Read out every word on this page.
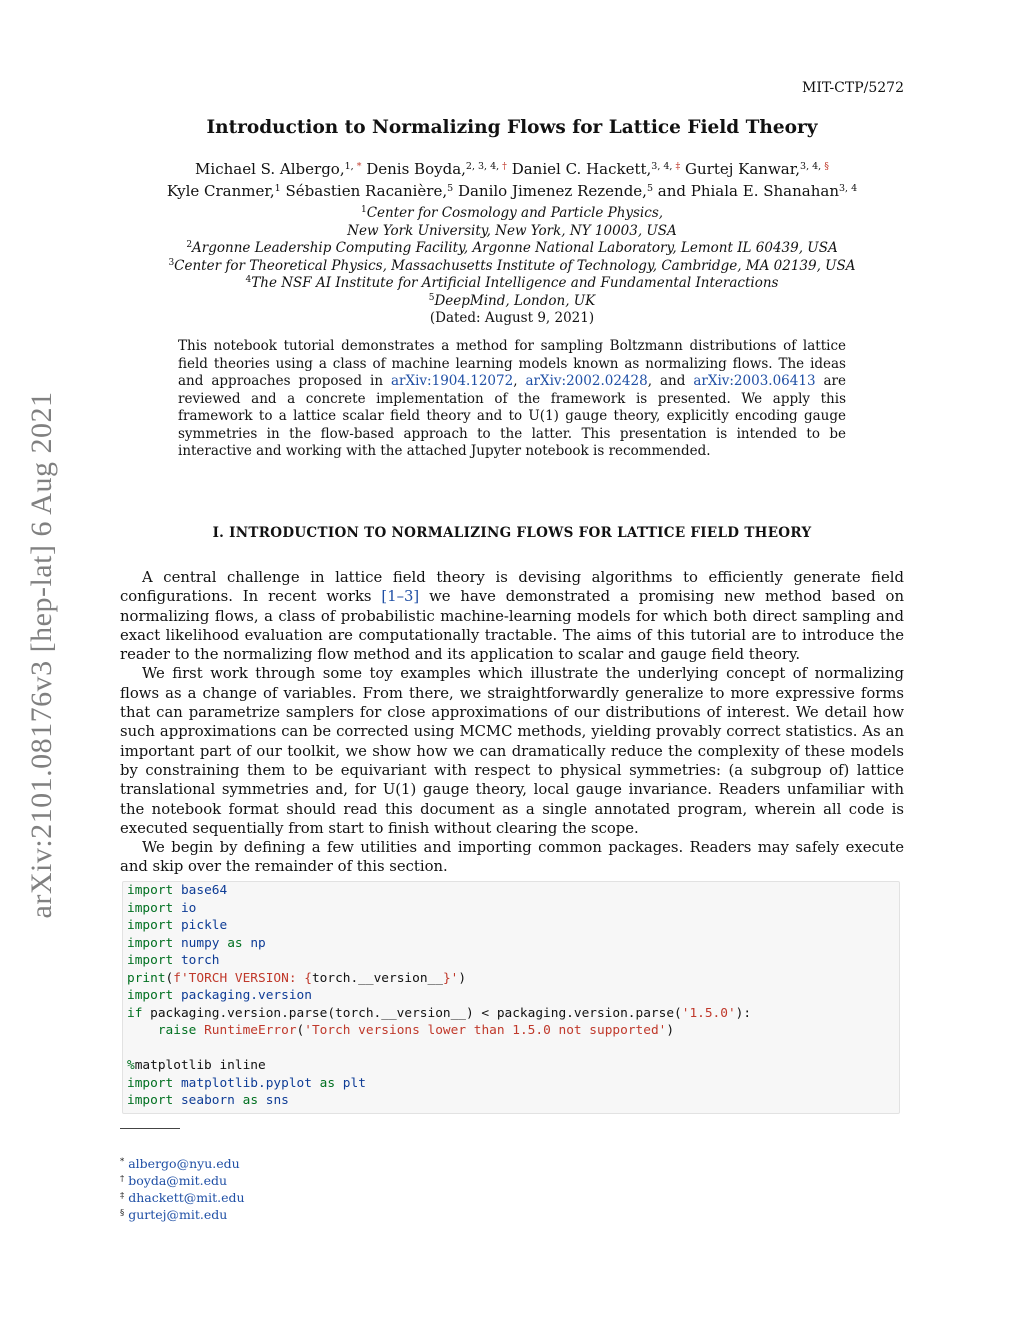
MIT-CTP/5272
arXiv:2101.08176v3 [hep-lat] 6 Aug 2021
Introduction to Normalizing Flows for Lattice Field Theory
Michael S. Albergo,$^{1,}$ * Denis Boyda,$^{2, 3, 4,}$ † Daniel C. Hackett,$^{3, 4,}$ ‡ Gurtej Kanwar,$^{3, 4,}$ §
Kyle Cranmer,$^1$ Sébastien Racanière,$^5$ Danilo Jimenez Rezende,$^5$ and Phiala E. Shanahan$^{3, 4}$
$^1$Center for Cosmology and Particle Physics,
New York University, New York, NY 10003, USA
$^2$Argonne Leadership Computing Facility, Argonne National Laboratory, Lemont IL 60439, USA
$^3$Center for Theoretical Physics, Massachusetts Institute of Technology, Cambridge, MA 02139, USA
$^4$The NSF AI Institute for Artificial Intelligence and Fundamental Interactions
$^5$DeepMind, London, UK
(Dated: August 9, 2021)
This notebook tutorial demonstrates a method for sampling Boltzmann distributions of lattice field theories using a class of machine learning models known as normalizing flows. The ideas and approaches proposed in arXiv:1904.12072, arXiv:2002.02428, and arXiv:2003.06413 are reviewed and a concrete implementation of the framework is presented. We apply this framework to a lattice scalar field theory and to U(1) gauge theory, explicitly encoding gauge symmetries in the flow-based approach to the latter. This presentation is intended to be interactive and working with the attached Jupyter notebook is recommended.
I. INTRODUCTION TO NORMALIZING FLOWS FOR LATTICE FIELD THEORY

A central challenge in lattice field theory is devising algorithms to efficiently generate field configurations. In recent works [1–3] we have demonstrated a promising new method based on normalizing flows, a class of probabilistic machine-learning models for which both direct sampling and exact likelihood evaluation are computationally tractable. The aims of this tutorial are to introduce the reader to the normalizing flow method and its application to scalar and gauge field theory.

We first work through some toy examples which illustrate the underlying concept of normalizing flows as a change of variables. From there, we straightforwardly generalize to more expressive forms that can parametrize samplers for close approximations of our distributions of interest. We detail how such approximations can be corrected using MCMC methods, yielding provably correct statistics. As an important part of our toolkit, we show how we can dramatically reduce the complexity of these models by constraining them to be equivariant with respect to physical symmetries: (a subgroup of) lattice translational symmetries and, for U(1) gauge theory, local gauge invariance. Readers unfamiliar with the notebook format should read this document as a single annotated program, wherein all code is executed sequentially from start to finish without clearing the scope.

We begin by defining a few utilities and importing common packages. Readers may safely execute and skip over the remainder of this section.

import base64
import io
import pickle
import numpy as np
import torch
print(f'TORCH VERSION: {torch.__version__}')
import packaging.version
if packaging.version.parse(torch.__version__) < packaging.version.parse('1.5.0'):
raise RuntimeError('Torch versions lower than 1.5.0 not supported')

%matplotlib inline
import matplotlib.pyplot as plt
import seaborn as sns
* albergo@nyu.edu
† boyda@mit.edu
‡ dhackett@mit.edu
§ gurtej@mit.edu
